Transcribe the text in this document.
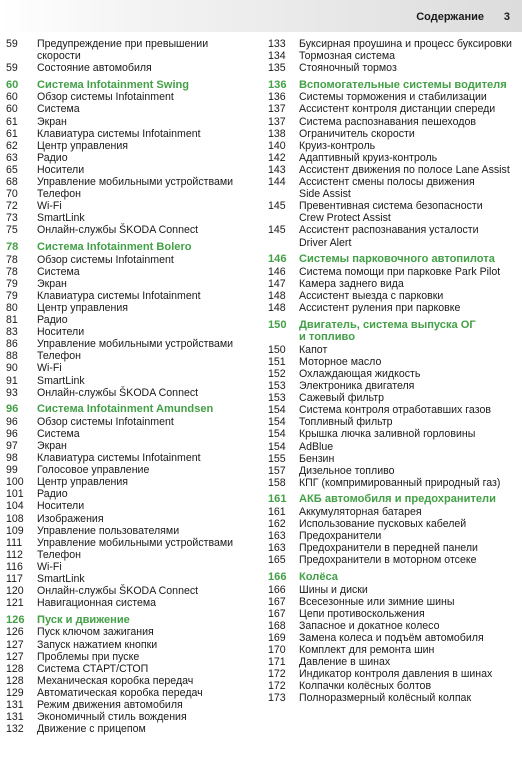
Содержание 3
59	Предупреждение при превышении
скорости
59	Состояние автомобиля
60	Система Infotainment Swing
60	Обзор системы Infotainment
60	Система
61	Экран
61	Клавиатура системы Infotainment
62	Центр управления
63	Радио
65	Носители
68	Управление мобильными устройствами
70	Телефон
72	Wi-Fi
73	SmartLink
75	Онлайн-службы ŠKODA Connect
78	Система Infotainment Bolero
78	Обзор системы Infotainment
78	Система
79	Экран
79	Клавиатура системы Infotainment
80	Центр управления
81	Радио
83	Носители
86	Управление мобильными устройствами
88	Телефон
90	Wi-Fi
91	SmartLink
93	Онлайн-службы ŠKODA Connect
96	Система Infotainment Amundsen
96	Обзор системы Infotainment
96	Система
97	Экран
98	Клавиатура системы Infotainment
99	Голосовое управление
100	Центр управления
101	Радио
104	Носители
108	Изображения
109	Управление пользователями
111	Управление мобильными устройствами
112	Телефон
116	Wi-Fi
117	SmartLink
120	Онлайн-службы ŠKODA Connect
121	Навигационная система
126	Пуск и движение
126	Пуск ключом зажигания
127	Запуск нажатием кнопки
127	Проблемы при пуске
128	Система СТАРТ/СТОП
128	Механическая коробка передач
129	Автоматическая коробка передач
131	Режим движения автомобиля
131	Экономичный стиль вождения
132	Движение с прицепом
133	Буксирная проушина и процесс буксировки
134	Тормозная система
135	Стояночный тормоз
136	Вспомогательные системы водителя
136	Системы торможения и стабилизации
137	Ассистент контроля дистанции спереди
137	Система распознавания пешеходов
138	Ограничитель скорости
140	Круиз-контроль
142	Адаптивный круиз-контроль
143	Ассистент движения по полосе Lane Assist
144	Ассистент смены полосы движения
Side Assist
145	Превентивная система безопасности
Crew Protect Assist
145	Ассистент распознавания усталости
Driver Alert
146	Системы парковочного автопилота
146	Система помощи при парковке Park Pilot
147	Камера заднего вида
148	Ассистент выезда с парковки
148	Ассистент руления при парковке
150	Двигатель, система выпуска ОГ
и топливо
150	Капот
151	Моторное масло
152	Охлаждающая жидкость
153	Электроника двигателя
153	Сажевый фильтр
154	Система контроля отработавших газов
154	Топливный фильтр
154	Крышка лючка заливной горловины
154	AdBlue
155	Бензин
157	Дизельное топливо
158	КПГ (компримированный природный газ)
161	АКБ автомобиля и предохранители
161	Аккумуляторная батарея
162	Использование пусковых кабелей
163	Предохранители
163	Предохранители в передней панели
165	Предохранители в моторном отсеке
166	Колёса
166	Шины и диски
167	Всесезонные или зимние шины
167	Цепи противоскольжения
168	Запасное и докатное колесо
169	Замена колеса и подъём автомобиля
170	Комплект для ремонта шин
171	Давление в шинах
172	Индикатор контроля давления в шинах
172	Колпачки колёсных болтов
173	Полноразмерный колёсный колпак
